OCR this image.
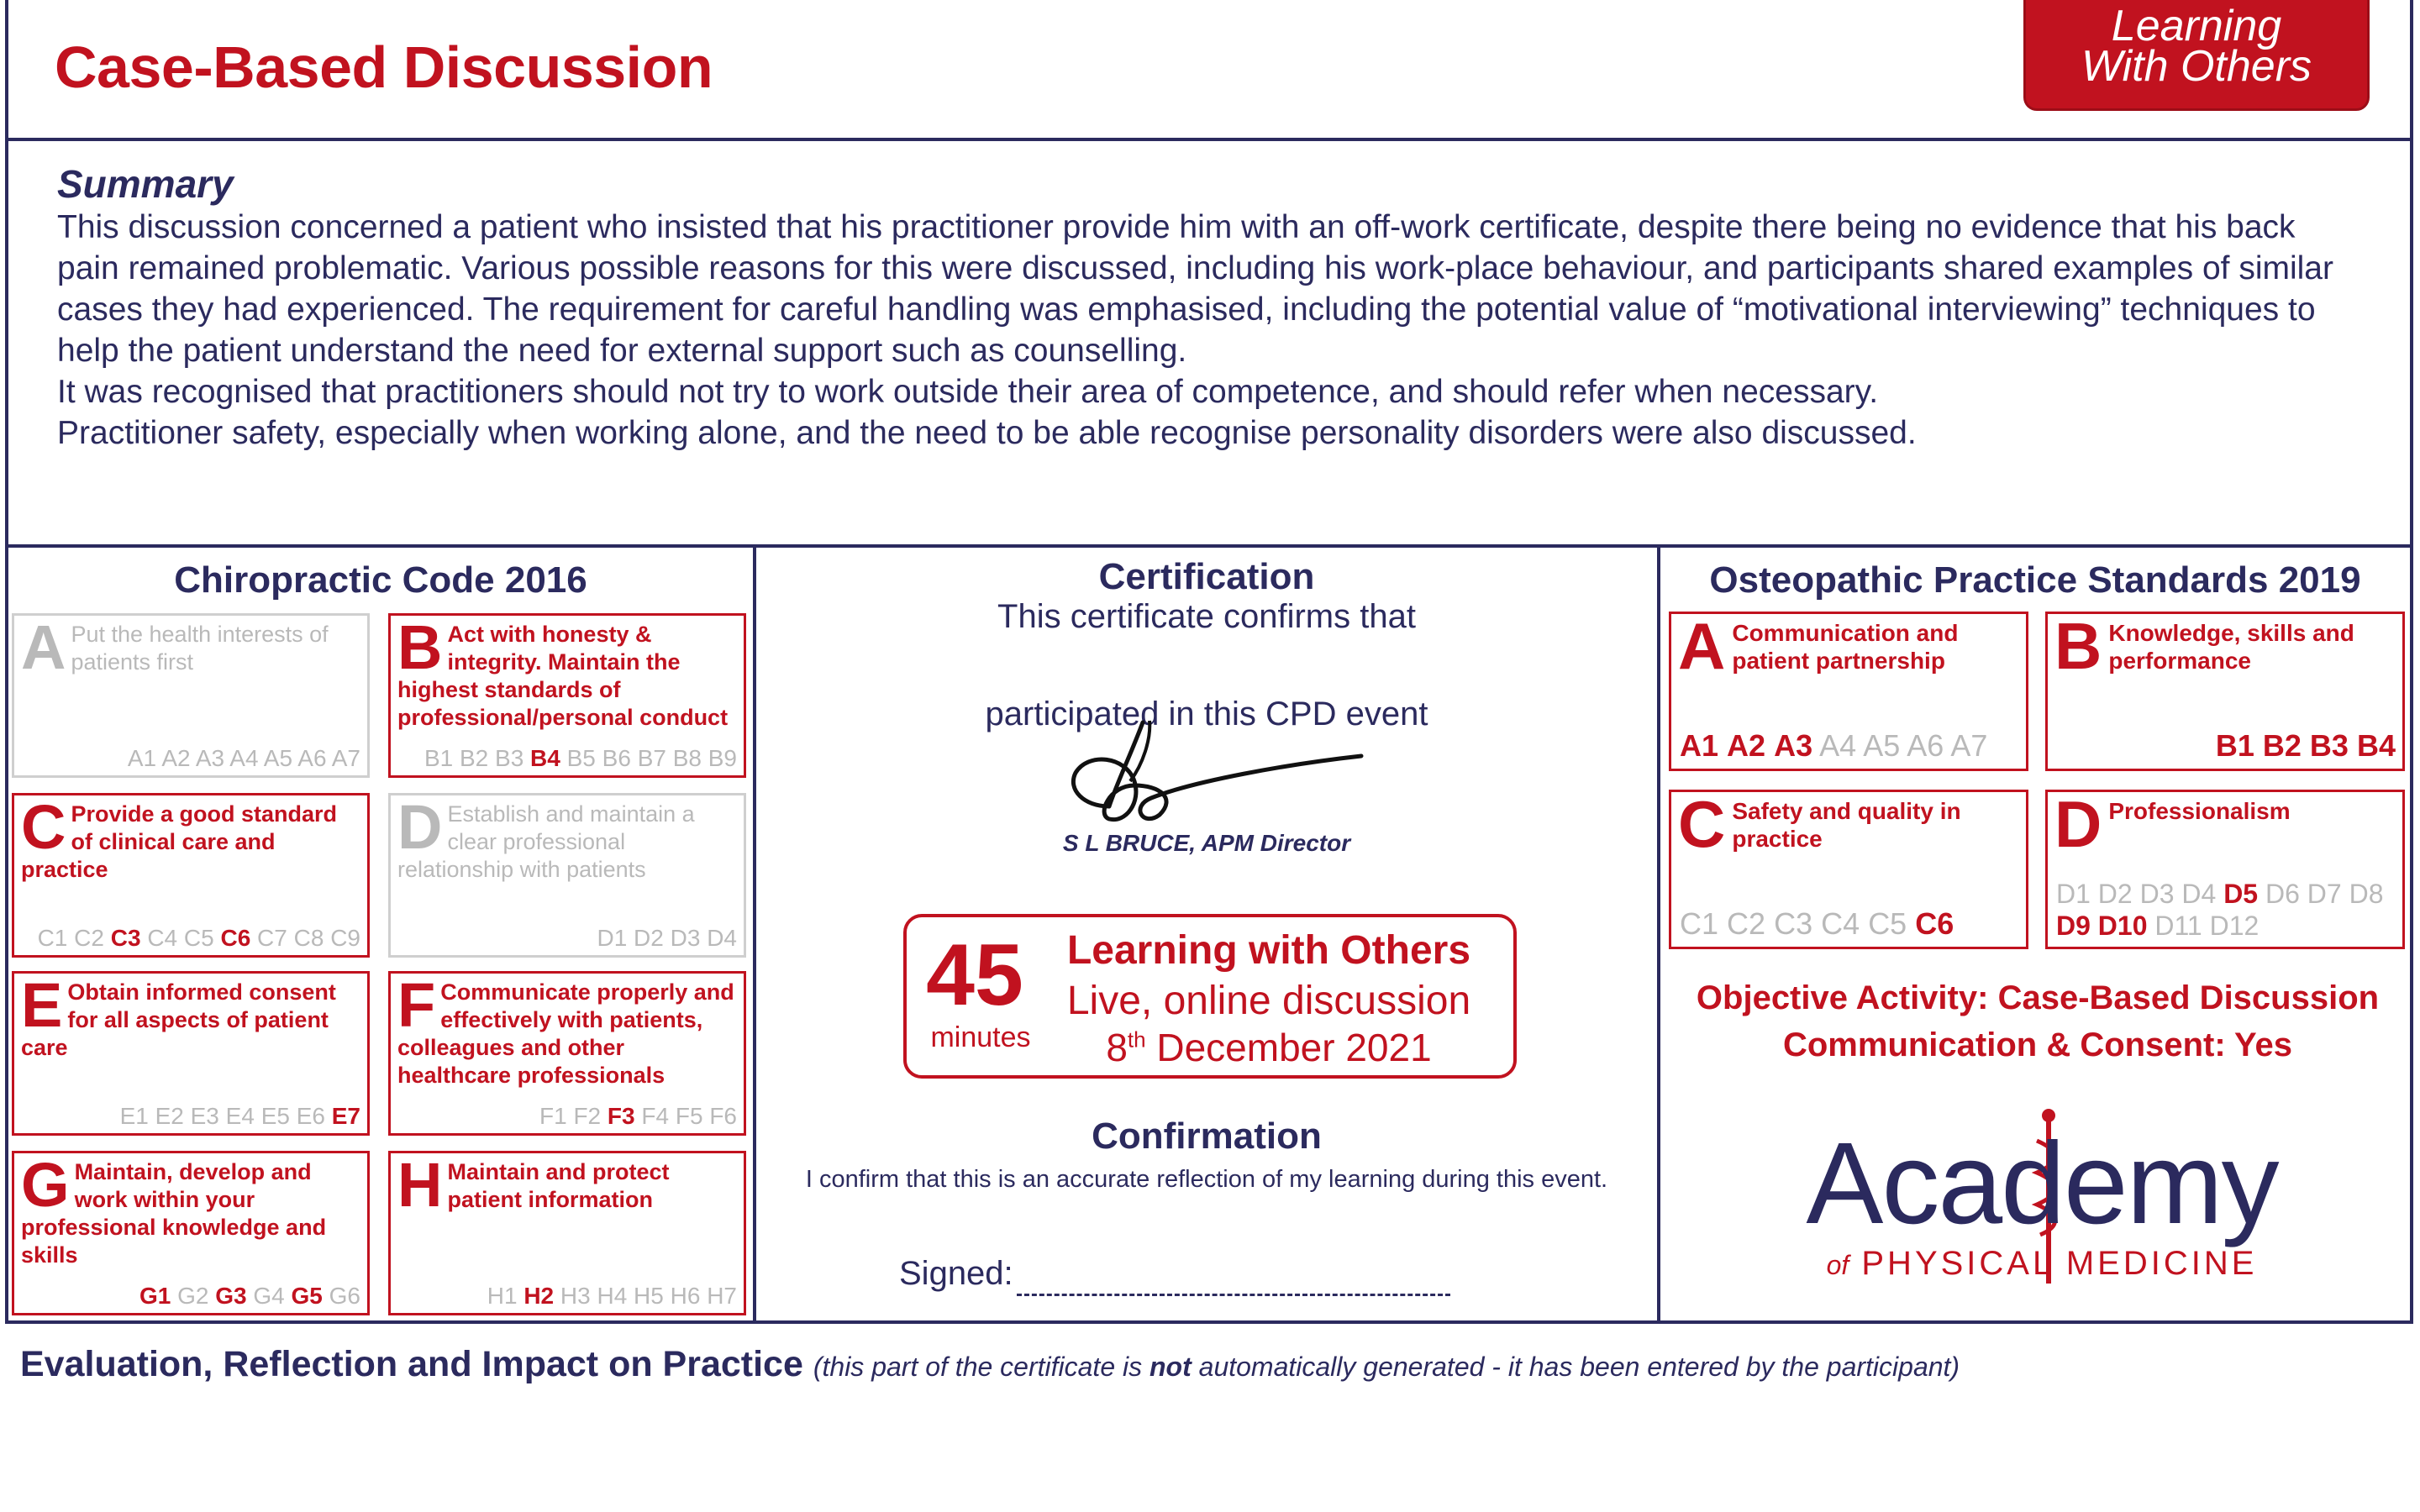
Case-Based Discussion
Learning
With Others
Summary

This discussion concerned a patient who insisted that his practitioner provide him with an off-work certificate, despite there being no evidence that his back pain remained problematic. Various possible reasons for this were discussed, including his work-place behaviour, and participants shared examples of similar cases they had experienced. The requirement for careful handling was emphasised, including the potential value of “motivational interviewing” techniques to help the patient understand the need for external support such as counselling.

It was recognised that practitioners should not try to work outside their area of competence, and should refer when necessary.

Practitioner safety, especially when working alone, and the need to be able recognise personality disorders were also discussed.

Chiropractic Code 2016
A Put the health interests of patients first
A1 A2 A3 A4 A5 A6 A7
B Act with honesty & integrity. Maintain the highest standards of professional/personal conduct
B1 B2 B3 B4 B5 B6 B7 B8 B9
C Provide a good standard of clinical care and practice
C1 C2 C3 C4 C5 C6 C7 C8 C9
D Establish and maintain a clear professional relationship with patients
D1 D2 D3 D4
E Obtain informed consent for all aspects of patient care
E1 E2 E3 E4 E5 E6 E7
F Communicate properly and effectively with patients, colleagues and other healthcare professionals
F1 F2 F3 F4 F5 F6
G Maintain, develop and work within your professional knowledge and skills
G1 G2 G3 G4 G5 G6
H Maintain and protect patient information
H1 H2 H3 H4 H5 H6 H7
Certification
This certificate confirms that
participated in this CPD event
S L BRUCE, APM Director
45
minutes
Learning with Others
Live, online discussion
8th December 2021
Confirmation
I confirm that this is an accurate reflection of my learning during this event.
Signed:
Osteopathic Practice Standards 2019
A Communication and patient partnership
A1 A2 A3 A4 A5 A6 A7
B Knowledge, skills and performance
B1 B2 B3 B4
C Safety and quality in practice
C1 C2 C3 C4 C5 C6
D Professionalism
D1 D2 D3 D4 D5 D6 D7 D8 D9 D10 D11 D12
Objective Activity: Case-Based Discussion
Communication & Consent: Yes
Academy
of PHYSICAL MEDICINE
Evaluation, Reflection and Impact on Practice (this part of the certificate is not automatically generated - it has been entered by the participant)
